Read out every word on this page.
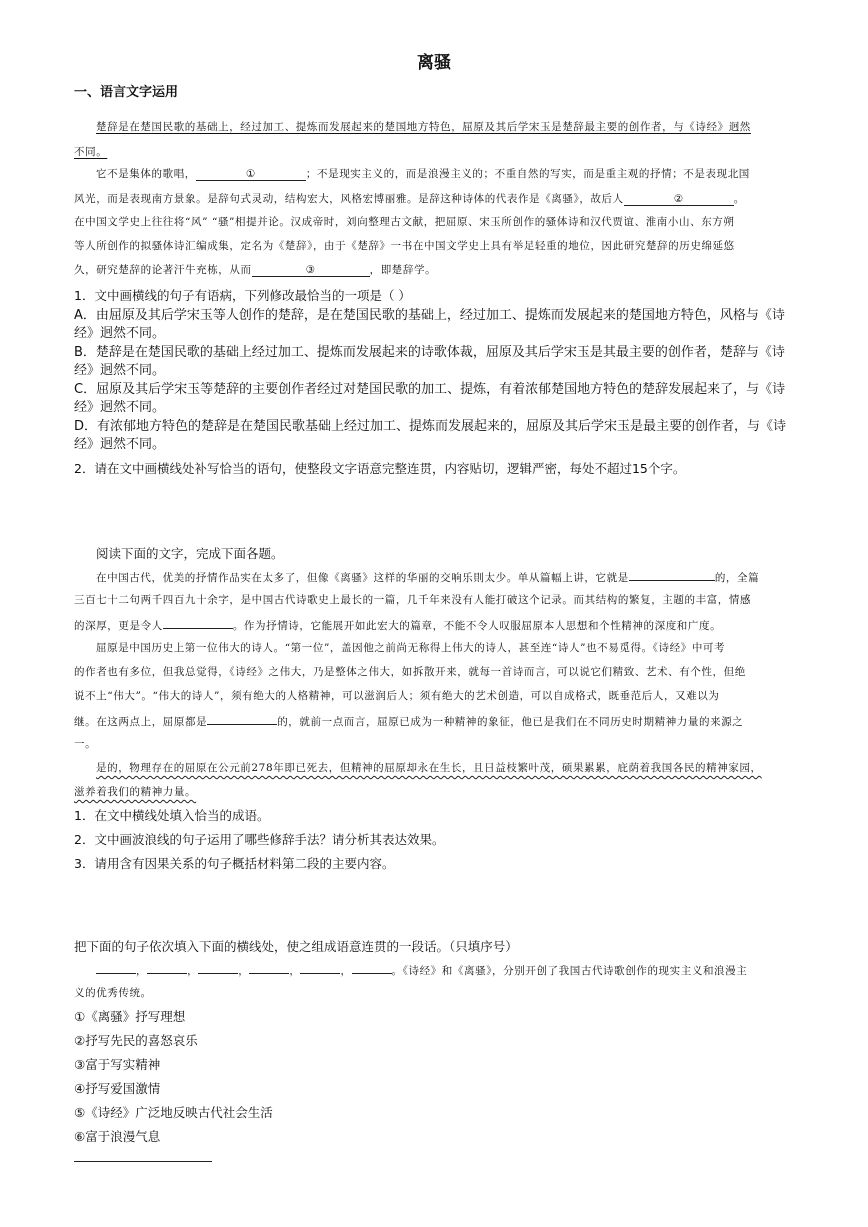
离骚
一、语言文字运用
楚辞是在楚国民歌的基础上，经过加工、提炼而发展起来的楚国地方特色，屈原及其后学宋玉是楚辞最主要的创作者，与《诗经》迥然
不同。
它不是集体的歌唱，	①	；不是现实主义的，而是浪漫主义的；不重自然的写实，而是重主观的抒情；不是表现北国
风光，而是表现南方景象。是辞句式灵动，结构宏大，风格宏博丽雅。是辞这种诗体的代表作是《离骚》，故后人	②	。
在中国文学史上往往将“风” “骚”相提并论。汉成帝时，刘向整理古文献，把屈原、宋玉所创作的骚体诗和汉代贾谊、淮南小山、东方朔
等人所创作的拟骚体诗汇编成集，定名为《楚辞》，由于《楚辞》一书在中国文学史上具有举足轻重的地位，因此研究楚辞的历史绵延悠
久，研究楚辞的论著汗牛充栋，从而	③	，即楚辞学。
1．文中画横线的句子有语病，下列修改最恰当的一项是（ ）
A．由屈原及其后学宋玉等人创作的楚辞，是在楚国民歌的基础上，经过加工、提炼而发展起来的楚国地方特色，风格与《诗经》迥然不同。
B．楚辞是在楚国民歌的基础上经过加工、提炼而发展起来的诗歌体裁，屈原及其后学宋玉是其最主要的创作者，楚辞与《诗经》迥然不同。
C．屈原及其后学宋玉等楚辞的主要创作者经过对楚国民歌的加工、提炼，有着浓郁楚国地方特色的楚辞发展起来了，与《诗经》迥然不同。
D．有浓郁地方特色的楚辞是在楚国民歌基础上经过加工、提炼而发展起来的，屈原及其后学宋玉是最主要的创作者，与《诗经》迥然不同。
2．请在文中画横线处补写恰当的语句，使整段文字语意完整连贯，内容贴切，逻辑严密，每处不超过15个字。
阅读下面的文字，完成下面各题。
在中国古代，优美的抒情作品实在太多了，但像《离骚》这样的华丽的交响乐則太少。单从篇幅上讲，它就是	的，全篇
三百七十二句两千四百九十余字，是中国古代诗歌史上最长的一篇，几千年来没有人能打破这个记录。而其结构的繁复，主题的丰富，情感
的深厚，更是令人	。作为抒情诗，它能展开如此宏大的篇章，不能不令人叹服屈原本人思想和个性精神的深度和广度。
屈原是中国历史上第一位伟大的诗人。“第一位”，盖因他之前尚无称得上伟大的诗人，甚至连“诗人”也不易觅得。《诗经》中可考
的作者也有多位，但我总觉得，《诗经》之伟大，乃是整体之伟大，如拆散开来，就每一首诗而言，可以说它们精致、艺术、有个性，但绝
说不上“伟大”。“伟大的诗人”，须有绝大的人格精神，可以滋润后人；须有绝大的艺术创造，可以自成格式，既垂范后人，又难以为
继。在这两点上，屈原都是	的，就前一点而言，屈原已成为一种精神的象征，他已是我们在不同历史时期精神力量的来源之
一。
是的，物理存在的屈原在公元前278年即已死去，但精神的屈原却永在生长，且日益枝繁叶茂，硕果累累，庇荫着我国各民的精神家园，
滋养着我们的精神力量。
1．在文中横线处填入恰当的成语。
2．文中画波浪线的句子运用了哪些修辞手法？请分析其表达效果。
3．请用含有因果关系的句子概括材料第二段的主要内容。
把下面的句子依次填入下面的横线处，使之组成语意连贯的一段话。（只填序号）
，	，	，	，	，	。《诗经》和《离骚》，分别开创了我国古代诗歌创作的现实主义和浪漫主
义的优秀传统。
①《离骚》抒写理想
②抒写先民的喜怒哀乐
③富于写实精神
④抒写爱国激情
⑤《诗经》广泛地反映古代社会生活
⑥富于浪漫气息
